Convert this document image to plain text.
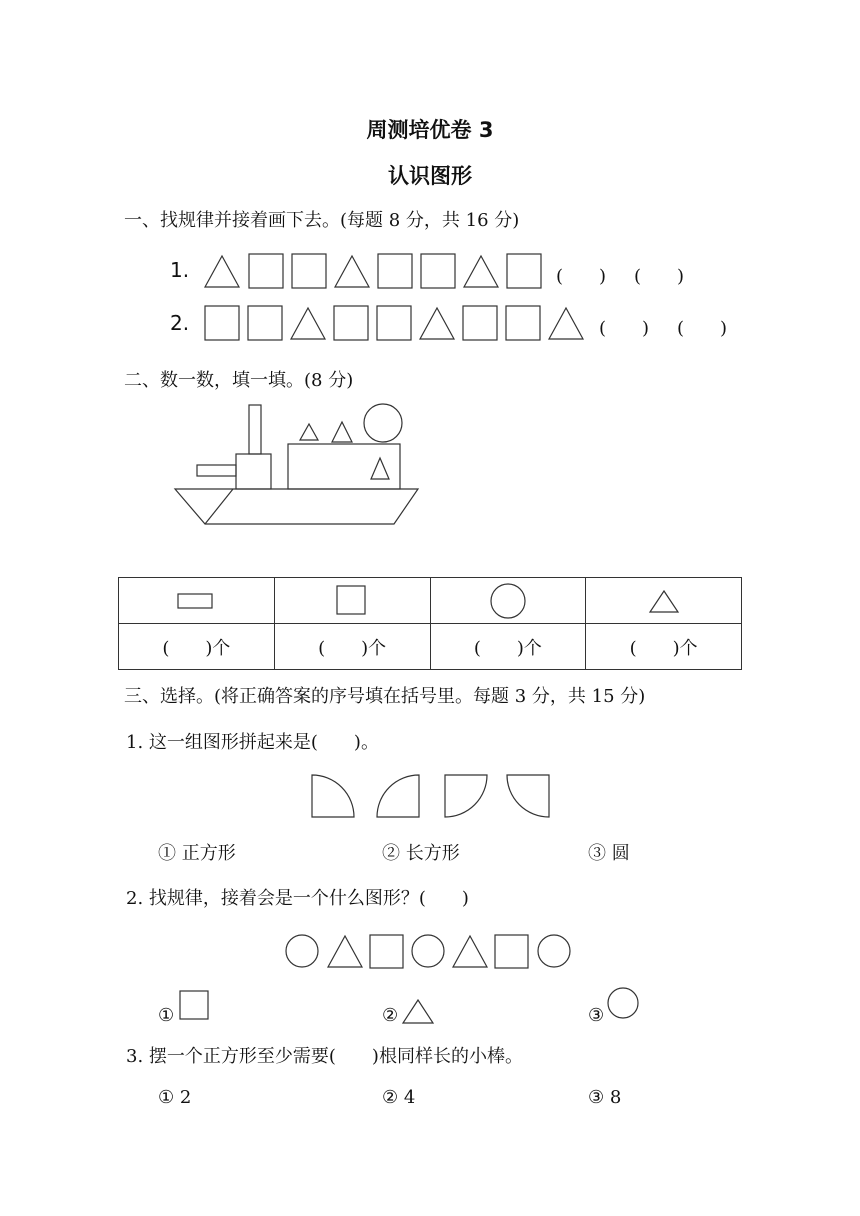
周测培优卷 3
认识图形
一、找规律并接着画下去。(每题 8 分，共 16 分)
1.
2.
(　　) (　　)
(　　) (　　)
二、数一数，填一填。(8 分)

(　　)个	(　　)个	(　　)个	(　　)个
三、选择。(将正确答案的序号填在括号里。每题 3 分，共 15 分)
1. 这一组图形拼起来是(　　)。
① 正方形	② 长方形	③ 圆
2. 找规律，接着会是一个什么图形？(　　)
①	②	③
3. 摆一个正方形至少需要(　　)根同样长的小棒。
① 2	② 4	③ 8
